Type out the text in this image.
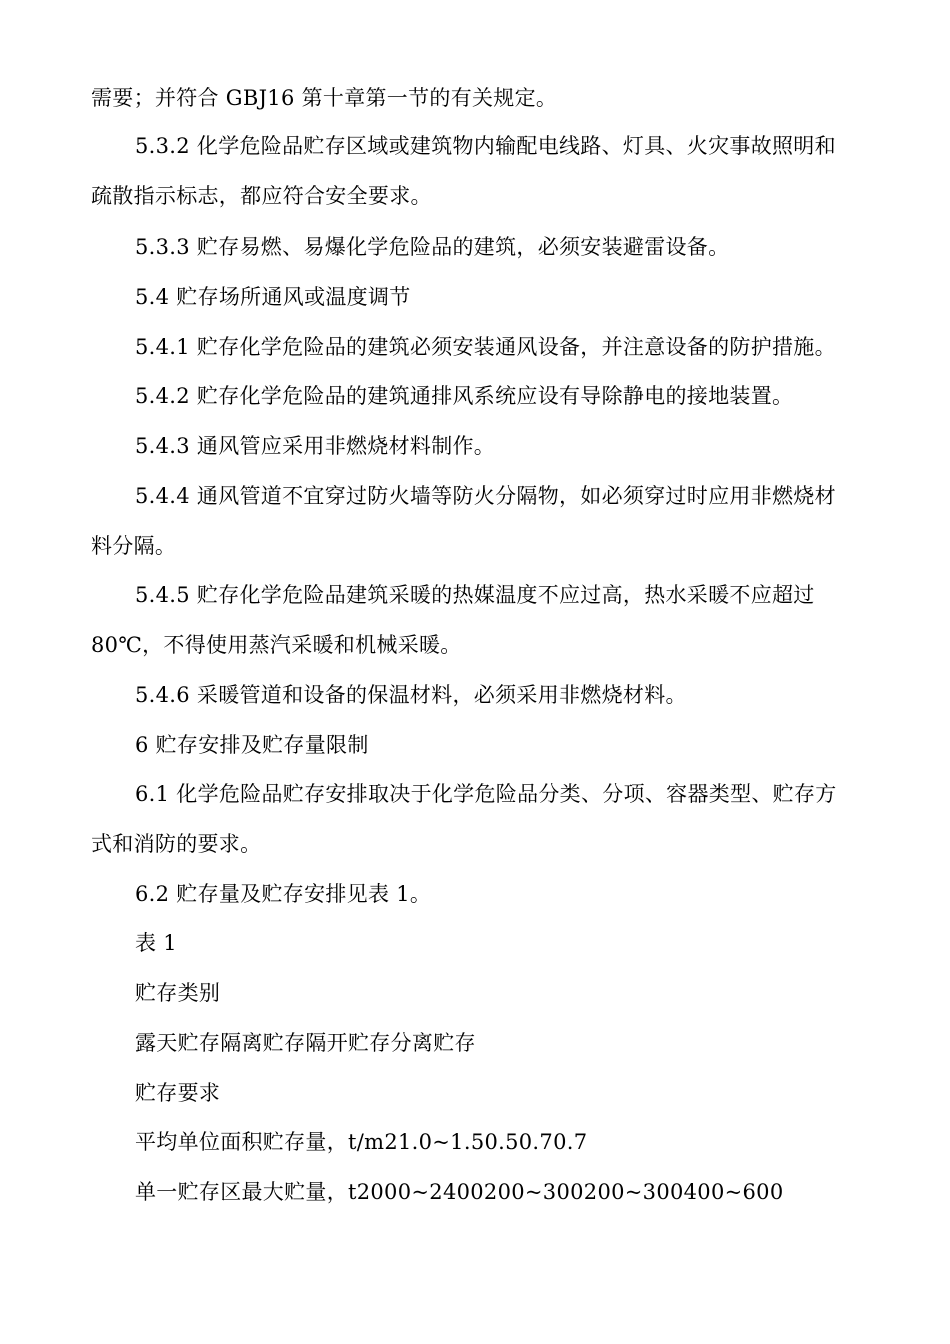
需要；并符合 GBJ16 第十章第一节的有关规定。
5.3.2 化学危险品贮存区域或建筑物内输配电线路、灯具、火灾事故照明和
疏散指示标志，都应符合安全要求。
5.3.3 贮存易燃、易爆化学危险品的建筑，必须安装避雷设备。
5.4 贮存场所通风或温度调节
5.4.1 贮存化学危险品的建筑必须安装通风设备，并注意设备的防护措施。
5.4.2 贮存化学危险品的建筑通排风系统应设有导除静电的接地装置。
5.4.3 通风管应采用非燃烧材料制作。
5.4.4 通风管道不宜穿过防火墙等防火分隔物，如必须穿过时应用非燃烧材
料分隔。
5.4.5 贮存化学危险品建筑采暖的热媒温度不应过高，热水采暖不应超过
80℃，不得使用蒸汽采暖和机械采暖。
5.4.6 采暖管道和设备的保温材料，必须采用非燃烧材料。
6 贮存安排及贮存量限制
6.1 化学危险品贮存安排取决于化学危险品分类、分项、容器类型、贮存方
式和消防的要求。
6.2 贮存量及贮存安排见表 1。
表 1
贮存类别
露天贮存隔离贮存隔开贮存分离贮存
贮存要求
平均单位面积贮存量，t/m21.0~1.50.50.70.7
单一贮存区最大贮量，t2000~2400200~300200~300400~600
